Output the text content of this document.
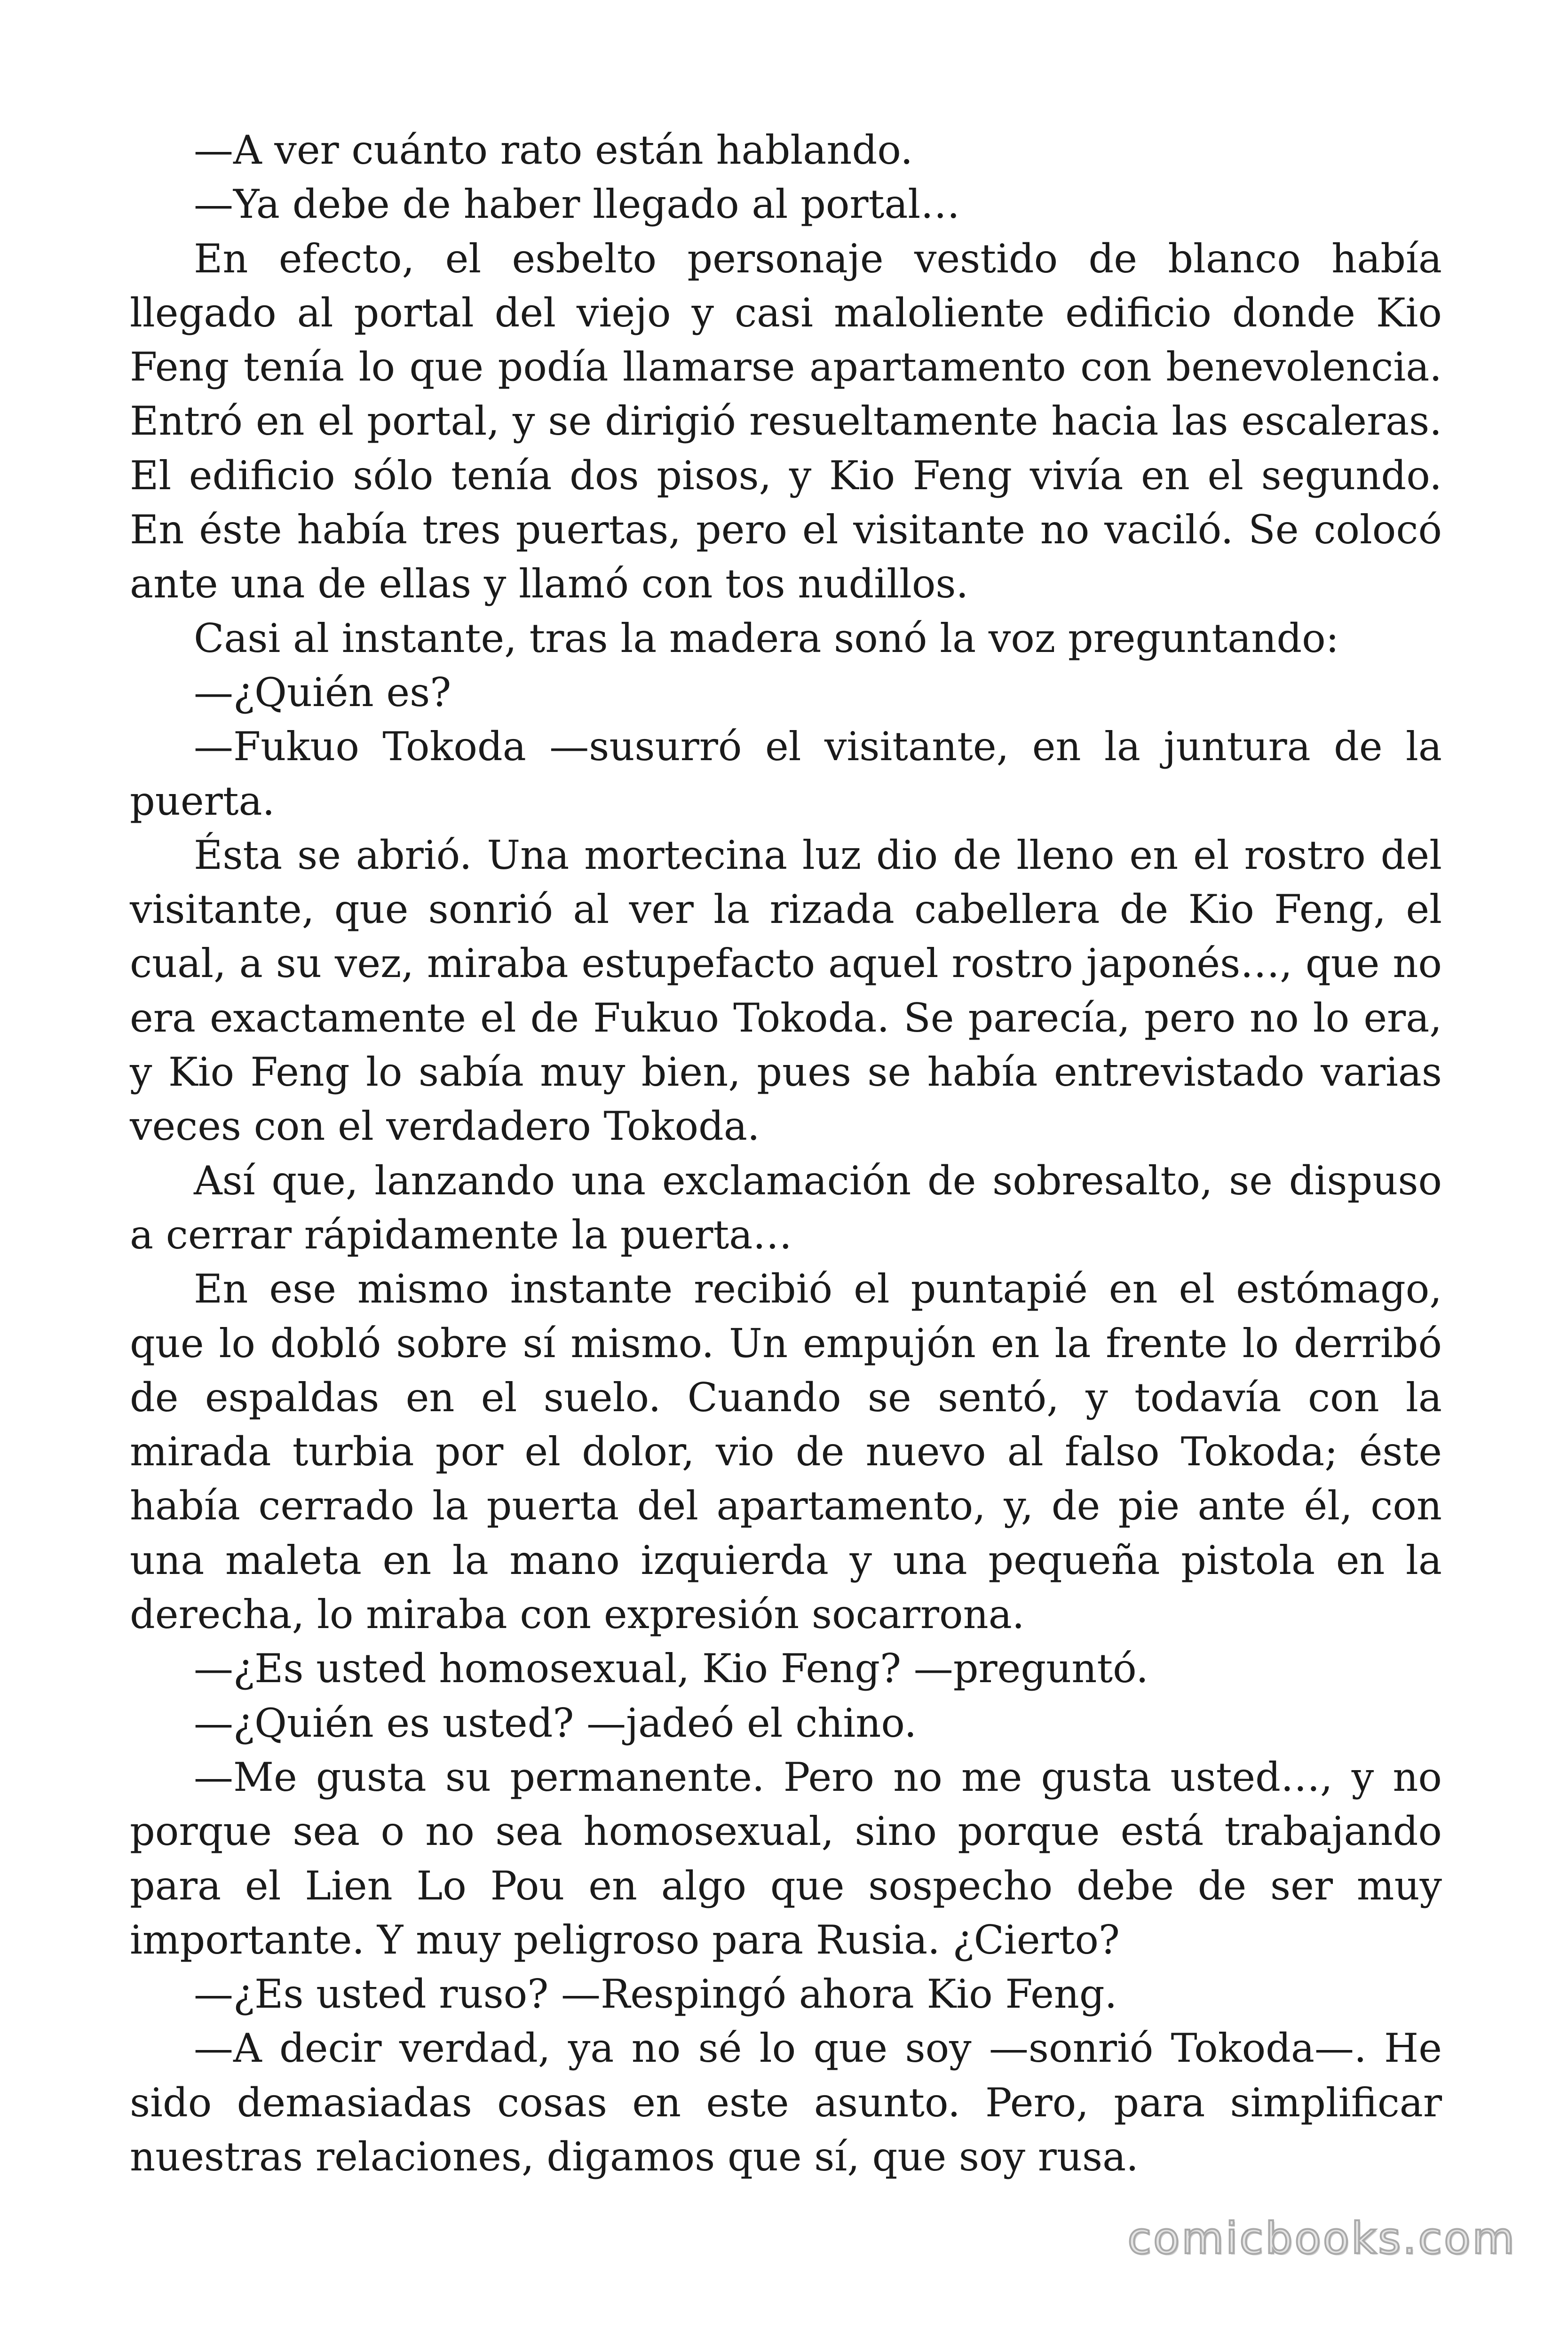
—A ver cuánto rato están hablando.

—Ya debe de haber llegado al portal…

En efecto, el esbelto personaje vestido de blanco había llegado al portal del viejo y casi maloliente edificio donde Kio Feng tenía lo que podía llamarse apartamento con benevolencia. Entró en el portal, y se dirigió resueltamente hacia las escaleras. El edificio sólo tenía dos pisos, y Kio Feng vivía en el segundo. En éste había tres puertas, pero el visitante no vaciló. Se colocó ante una de ellas y llamó con tos nudillos.

Casi al instante, tras la madera sonó la voz preguntando:

—¿Quién es?

—Fukuo Tokoda —susurró el visitante, en la juntura de la puerta.

Ésta se abrió. Una mortecina luz dio de lleno en el rostro del visitante, que sonrió al ver la rizada cabellera de Kio Feng, el cual, a su vez, miraba estupefacto aquel rostro japonés…, que no era exactamente el de Fukuo Tokoda. Se parecía, pero no lo era, y Kio Feng lo sabía muy bien, pues se había entrevistado varias veces con el verdadero Tokoda.

Así que, lanzando una exclamación de sobresalto, se dispuso a cerrar rápidamente la puerta…

En ese mismo instante recibió el puntapié en el estómago, que lo dobló sobre sí mismo. Un empujón en la frente lo derribó de espaldas en el suelo. Cuando se sentó, y todavía con la mirada turbia por el dolor, vio de nuevo al falso Tokoda; éste había cerrado la puerta del apartamento, y, de pie ante él, con una maleta en la mano izquierda y una pequeña pistola en la derecha, lo miraba con expresión socarrona.

—¿Es usted homosexual, Kio Feng? —preguntó.

—¿Quién es usted? —jadeó el chino.

—Me gusta su permanente. Pero no me gusta usted…, y no porque sea o no sea homosexual, sino porque está trabajando para el Lien Lo Pou en algo que sospecho debe de ser muy importante. Y muy peligroso para Rusia. ¿Cierto?

—¿Es usted ruso? —Respingó ahora Kio Feng.

—A decir verdad, ya no sé lo que soy —sonrió Tokoda—. He sido demasiadas cosas en este asunto. Pero, para simplificar nuestras relaciones, digamos que sí, que soy rusa.

comicbooks.com
